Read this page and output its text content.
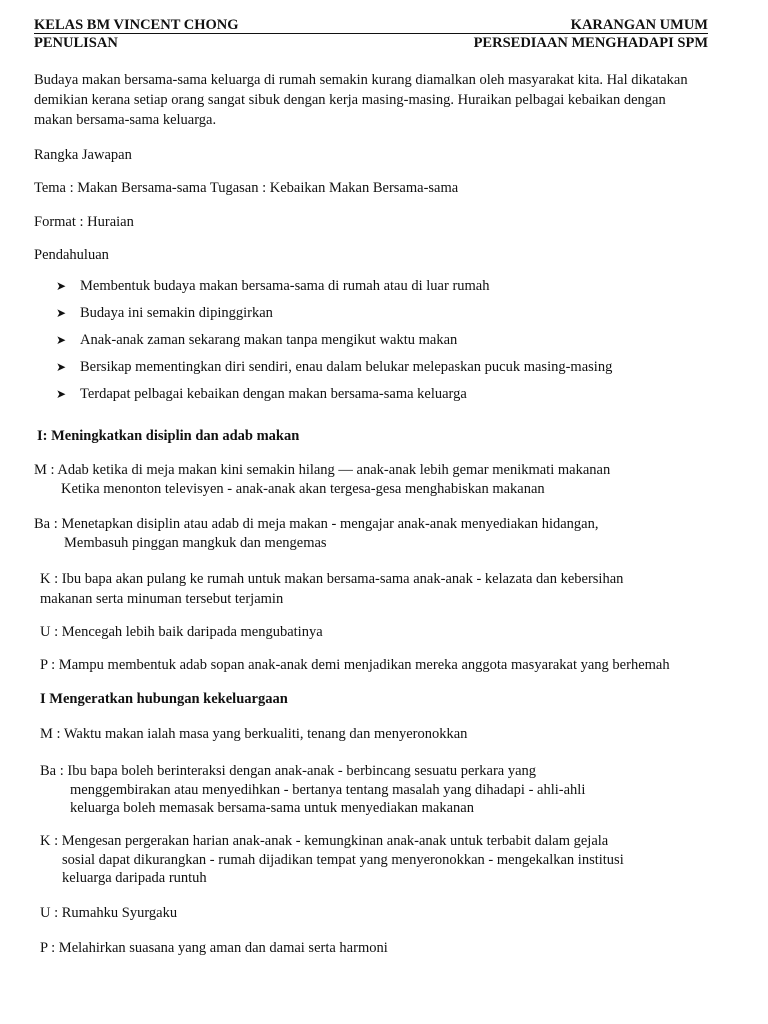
KELAS BM VINCENT CHONG	KARANGAN UMUM
PENULISAN	PERSEDIAAN MENGHADAPI SPM
Budaya makan bersama-sama keluarga di rumah semakin kurang diamalkan oleh masyarakat kita. Hal dikatakan
demikian kerana setiap orang sangat sibuk dengan kerja masing-masing. Huraikan pelbagai kebaikan dengan
makan bersama-sama keluarga.
Rangka Jawapan
Tema : Makan Bersama-sama Tugasan : Kebaikan Makan Bersama-sama
Format : Huraian
Pendahuluan
➤ Membentuk budaya makan bersama-sama di rumah atau di luar rumah
➤ Budaya ini semakin dipinggirkan
➤ Anak-anak zaman sekarang makan tanpa mengikut waktu makan
➤ Bersikap mementingkan diri sendiri, enau dalam belukar melepaskan pucuk masing-masing
➤ Terdapat pelbagai kebaikan dengan makan bersama-sama keluarga
I: Meningkatkan disiplin dan adab makan
M : Adab ketika di meja makan kini semakin hilang — anak-anak lebih gemar menikmati makanan
Ketika menonton televisyen - anak-anak akan tergesa-gesa menghabiskan makanan
Ba : Menetapkan disiplin atau adab di meja makan - mengajar anak-anak menyediakan hidangan,
Membasuh pinggan mangkuk dan mengemas
K : Ibu bapa akan pulang ke rumah untuk makan bersama-sama anak-anak - kelazata dan kebersihan
makanan serta minuman tersebut terjamin
U : Mencegah lebih baik daripada mengubatinya
P : Mampu membentuk adab sopan anak-anak demi menjadikan mereka anggota masyarakat yang berhemah
I Mengeratkan hubungan kekeluargaan
M : Waktu makan ialah masa yang berkualiti, tenang dan menyeronokkan
Ba : Ibu bapa boleh berinteraksi dengan anak-anak - berbincang sesuatu perkara yang
menggembirakan atau menyedihkan - bertanya tentang masalah yang dihadapi - ahli-ahli
keluarga boleh memasak bersama-sama untuk menyediakan makanan
K : Mengesan pergerakan harian anak-anak - kemungkinan anak-anak untuk terbabit dalam gejala
sosial dapat dikurangkan - rumah dijadikan tempat yang menyeronokkan - mengekalkan institusi
keluarga daripada runtuh
U : Rumahku Syurgaku
P : Melahirkan suasana yang aman dan damai serta harmoni
